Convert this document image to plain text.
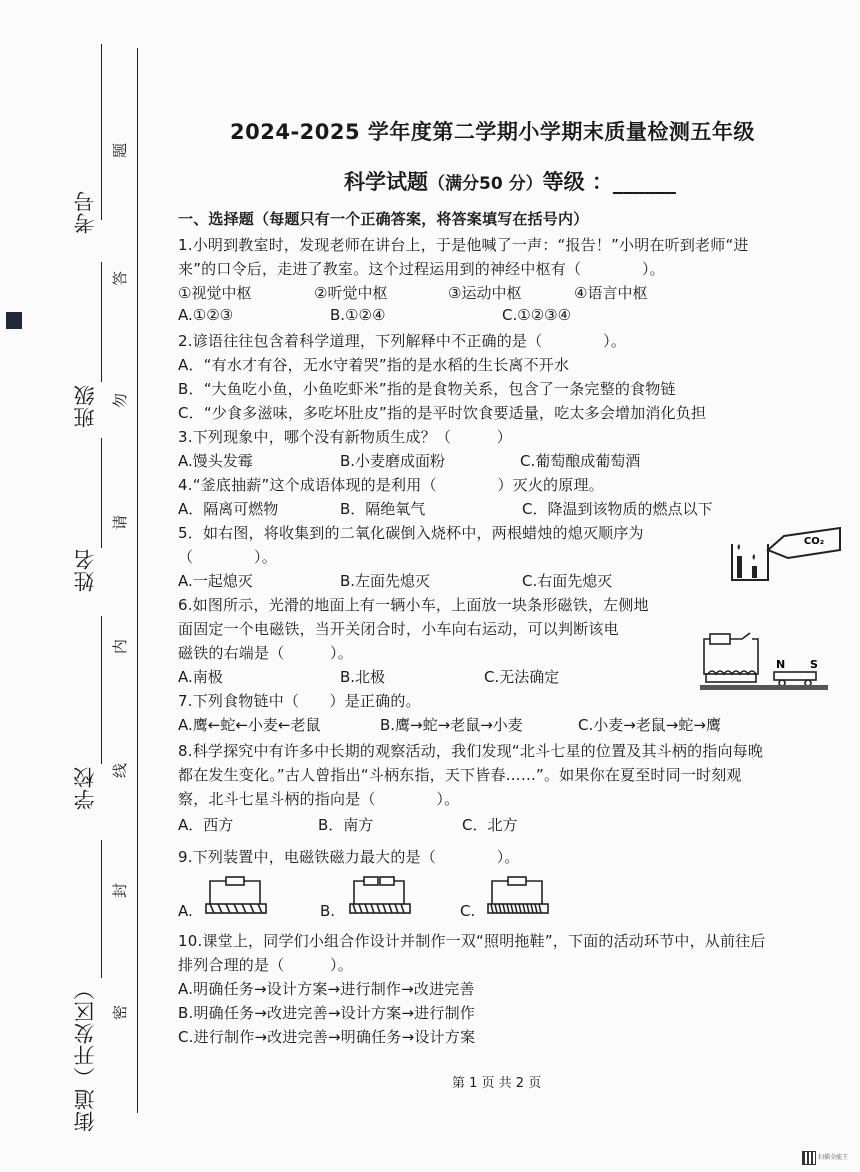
考号
班级
姓名
学校
街道（开发区）
题
答
勿
请
内
线
封
密
2024-2025 学年度第二学期小学期末质量检测五年级
科学试题（满分50 分）等级 ：______
一、选择题（每题只有一个正确答案，将答案填写在括号内）
1.小明到教室时，发现老师在讲台上，于是他喊了一声：“报告！”小明在听到老师“进
来”的口令后，走进了教室。这个过程运用到的神经中枢有（　　　　）。
①视觉中枢	②听觉中枢	③运动中枢	④语言中枢
A.①②③	B.①②④	C.①②③④
2.谚语往往包含着科学道理，下列解释中不正确的是（　　　　）。
A．“有水才有谷，无水守着哭”指的是水稻的生长离不开水
B．“大鱼吃小鱼，小鱼吃虾米”指的是食物关系，包含了一条完整的食物链
C．“少食多滋味，多吃坏肚皮”指的是平时饮食要适量，吃太多会增加消化负担
3.下列现象中，哪个没有新物质生成？（　　　）
A.馒头发霉	B.小麦磨成面粉	C.葡萄酿成葡萄酒
4.“釜底抽薪”这个成语体现的是利用（　　　　）灭火的原理。
A．隔离可燃物	B．隔绝氧气	C．降温到该物质的燃点以下
5．如右图，将收集到的二氧化碳倒入烧杯中，两根蜡烛的熄灭顺序为
（　　　　）。
A.一起熄灭	B.左面先熄灭	C.右面先熄灭
CO₂
6.如图所示，光滑的地面上有一辆小车，上面放一块条形磁铁，左侧地
面固定一个电磁铁，当开关闭合时，小车向右运动，可以判断该电
磁铁的右端是（　　　）。
A.南极	B.北极	C.无法确定
N S
7.下列食物链中（　　）是正确的。
A.鹰←蛇←小麦←老鼠	B.鹰→蛇→老鼠→小麦	C.小麦→老鼠→蛇→鹰
8.科学探究中有许多中长期的观察活动，我们发现“北斗七星的位置及其斗柄的指向每晚
都在发生变化。”古人曾指出“斗柄东指，天下皆春……”。如果你在夏至时同一时刻观
察，北斗七星斗柄的指向是（　　　　）。
A．西方	B．南方	C．北方
9.下列装置中，电磁铁磁力最大的是（　　　　）。
A.	B.	C.
10.课堂上，同学们小组合作设计并制作一双“照明拖鞋”，下面的活动环节中，从前往后
排列合理的是（　　　）。
A.明确任务→设计方案→进行制作→改进完善
B.明确任务→改进完善→设计方案→进行制作
C.进行制作→改进完善→明确任务→设计方案
第 1 页 共 2 页
扫描全能王
